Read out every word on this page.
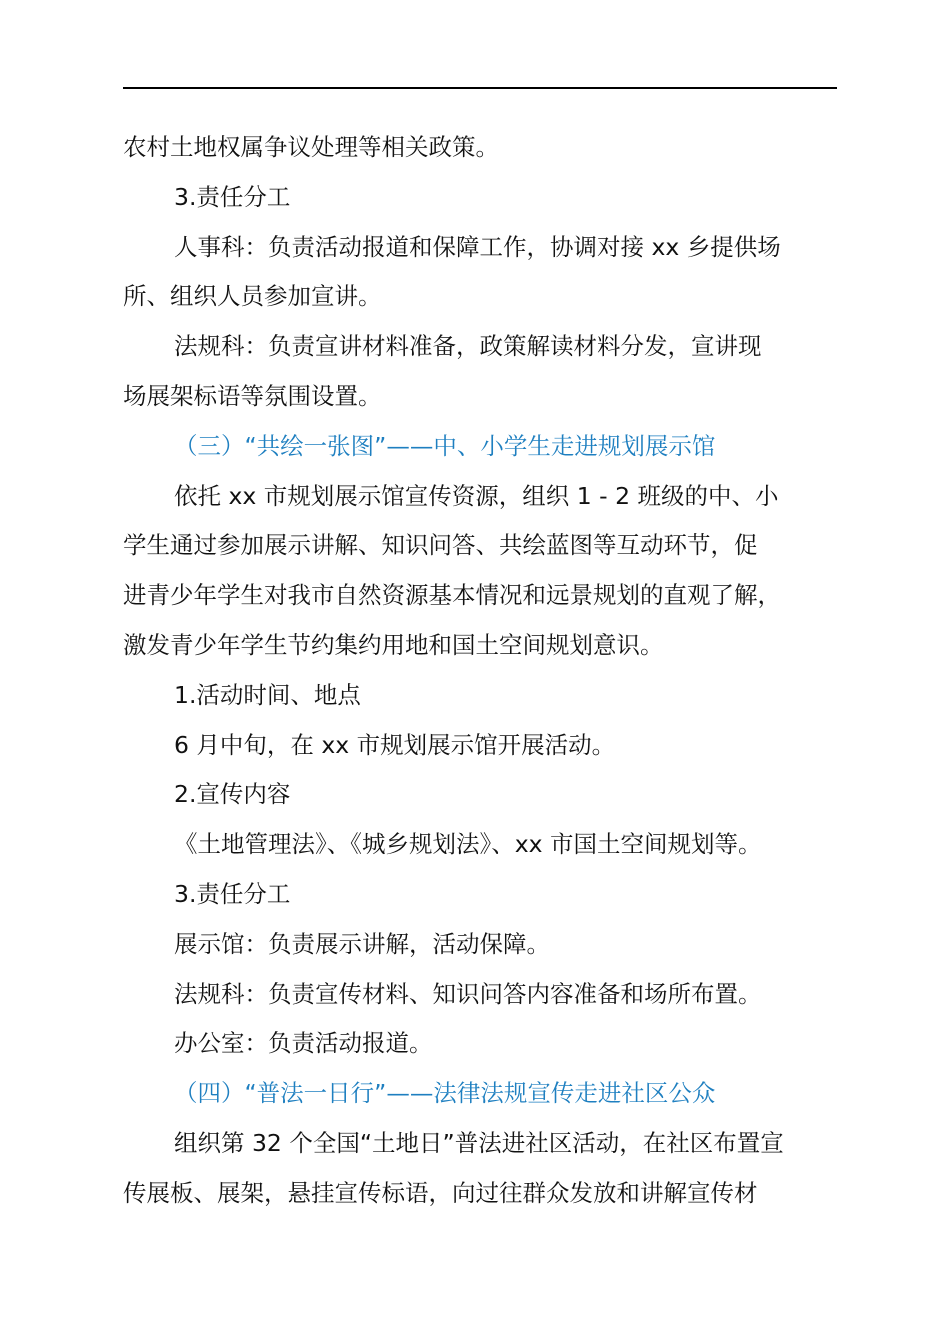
农村土地权属争议处理等相关政策。
3.责任分工
人事科：负责活动报道和保障工作，协调对接 xx 乡提供场
所、组织人员参加宣讲。
法规科：负责宣讲材料准备，政策解读材料分发，宣讲现
场展架标语等氛围设置。
（三）“共绘一张图”——中、小学生走进规划展示馆
依托 xx 市规划展示馆宣传资源，组织 1 - 2 班级的中、小
学生通过参加展示讲解、知识问答、共绘蓝图等互动环节，促
进青少年学生对我市自然资源基本情况和远景规划的直观了解，
激发青少年学生节约集约用地和国土空间规划意识。
1.活动时间、地点
6 月中旬，在 xx 市规划展示馆开展活动。
2.宣传内容
《土地管理法》、《城乡规划法》、xx 市国土空间规划等。
3.责任分工
展示馆：负责展示讲解，活动保障。
法规科：负责宣传材料、知识问答内容准备和场所布置。
办公室：负责活动报道。
（四）“普法一日行”——法律法规宣传走进社区公众
组织第 32 个全国“土地日”普法进社区活动，在社区布置宣
传展板、展架，悬挂宣传标语，向过往群众发放和讲解宣传材
